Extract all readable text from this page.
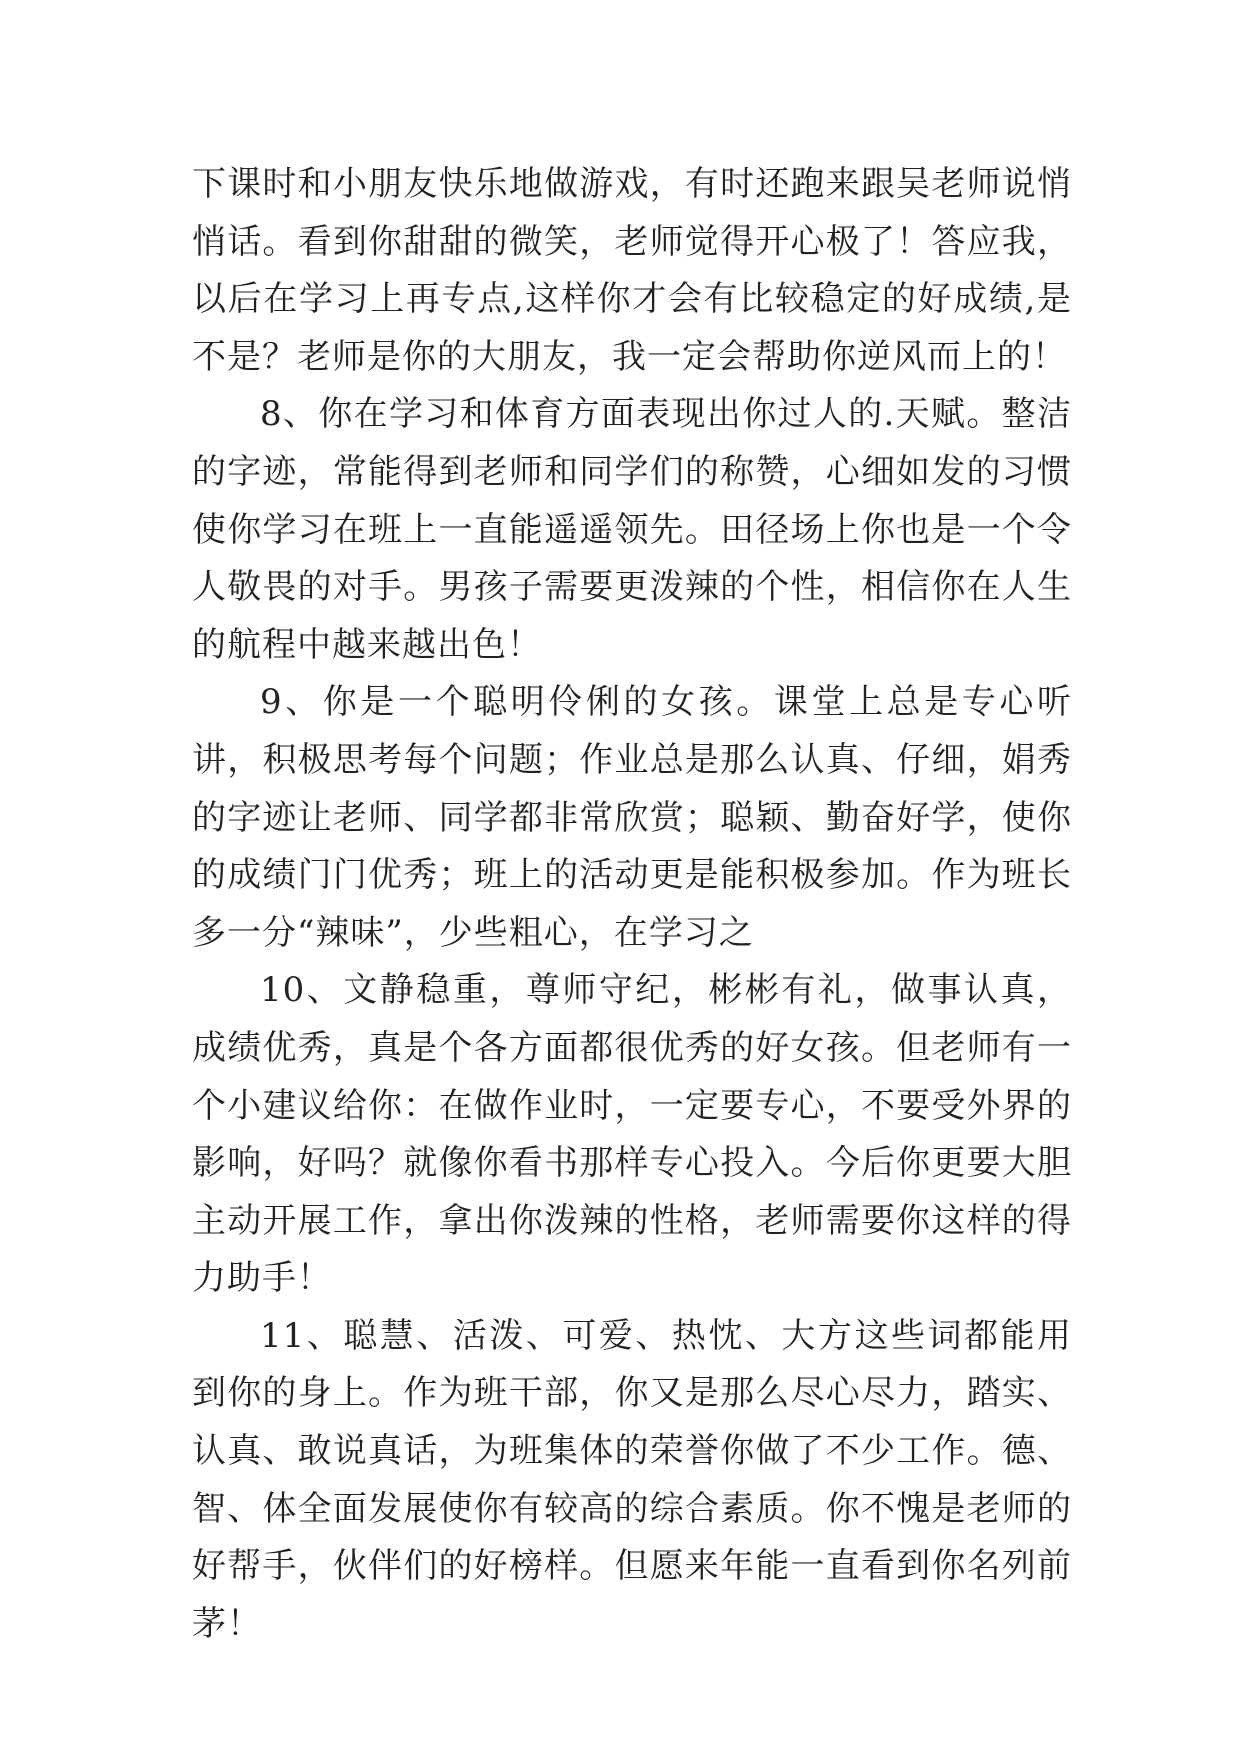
下课时和小朋友快乐地做游戏，有时还跑来跟吴老师说悄悄话。看到你甜甜的微笑，老师觉得开心极了！答应我，以后在学习上再专点,这样你才会有比较稳定的好成绩,是不是？老师是你的大朋友，我一定会帮助你逆风而上的！

8、你在学习和体育方面表现出你过人的.天赋。整洁的字迹，常能得到老师和同学们的称赞，心细如发的习惯使你学习在班上一直能遥遥领先。田径场上你也是一个令人敬畏的对手。男孩子需要更泼辣的个性，相信你在人生的航程中越来越出色！

9、你是一个聪明伶俐的女孩。课堂上总是专心听讲，积极思考每个问题；作业总是那么认真、仔细，娟秀的字迹让老师、同学都非常欣赏；聪颖、勤奋好学，使你的成绩门门优秀；班上的活动更是能积极参加。作为班长多一分“辣味”，少些粗心，在学习之

10、文静稳重，尊师守纪，彬彬有礼，做事认真，成绩优秀，真是个各方面都很优秀的好女孩。但老师有一个小建议给你：在做作业时，一定要专心，不要受外界的影响，好吗？就像你看书那样专心投入。今后你更要大胆主动开展工作，拿出你泼辣的性格，老师需要你这样的得力助手！

11、聪慧、活泼、可爱、热忱、大方这些词都能用到你的身上。作为班干部，你又是那么尽心尽力，踏实、认真、敢说真话，为班集体的荣誉你做了不少工作。德、智、体全面发展使你有较高的综合素质。你不愧是老师的好帮手，伙伴们的好榜样。但愿来年能一直看到你名列前茅！
